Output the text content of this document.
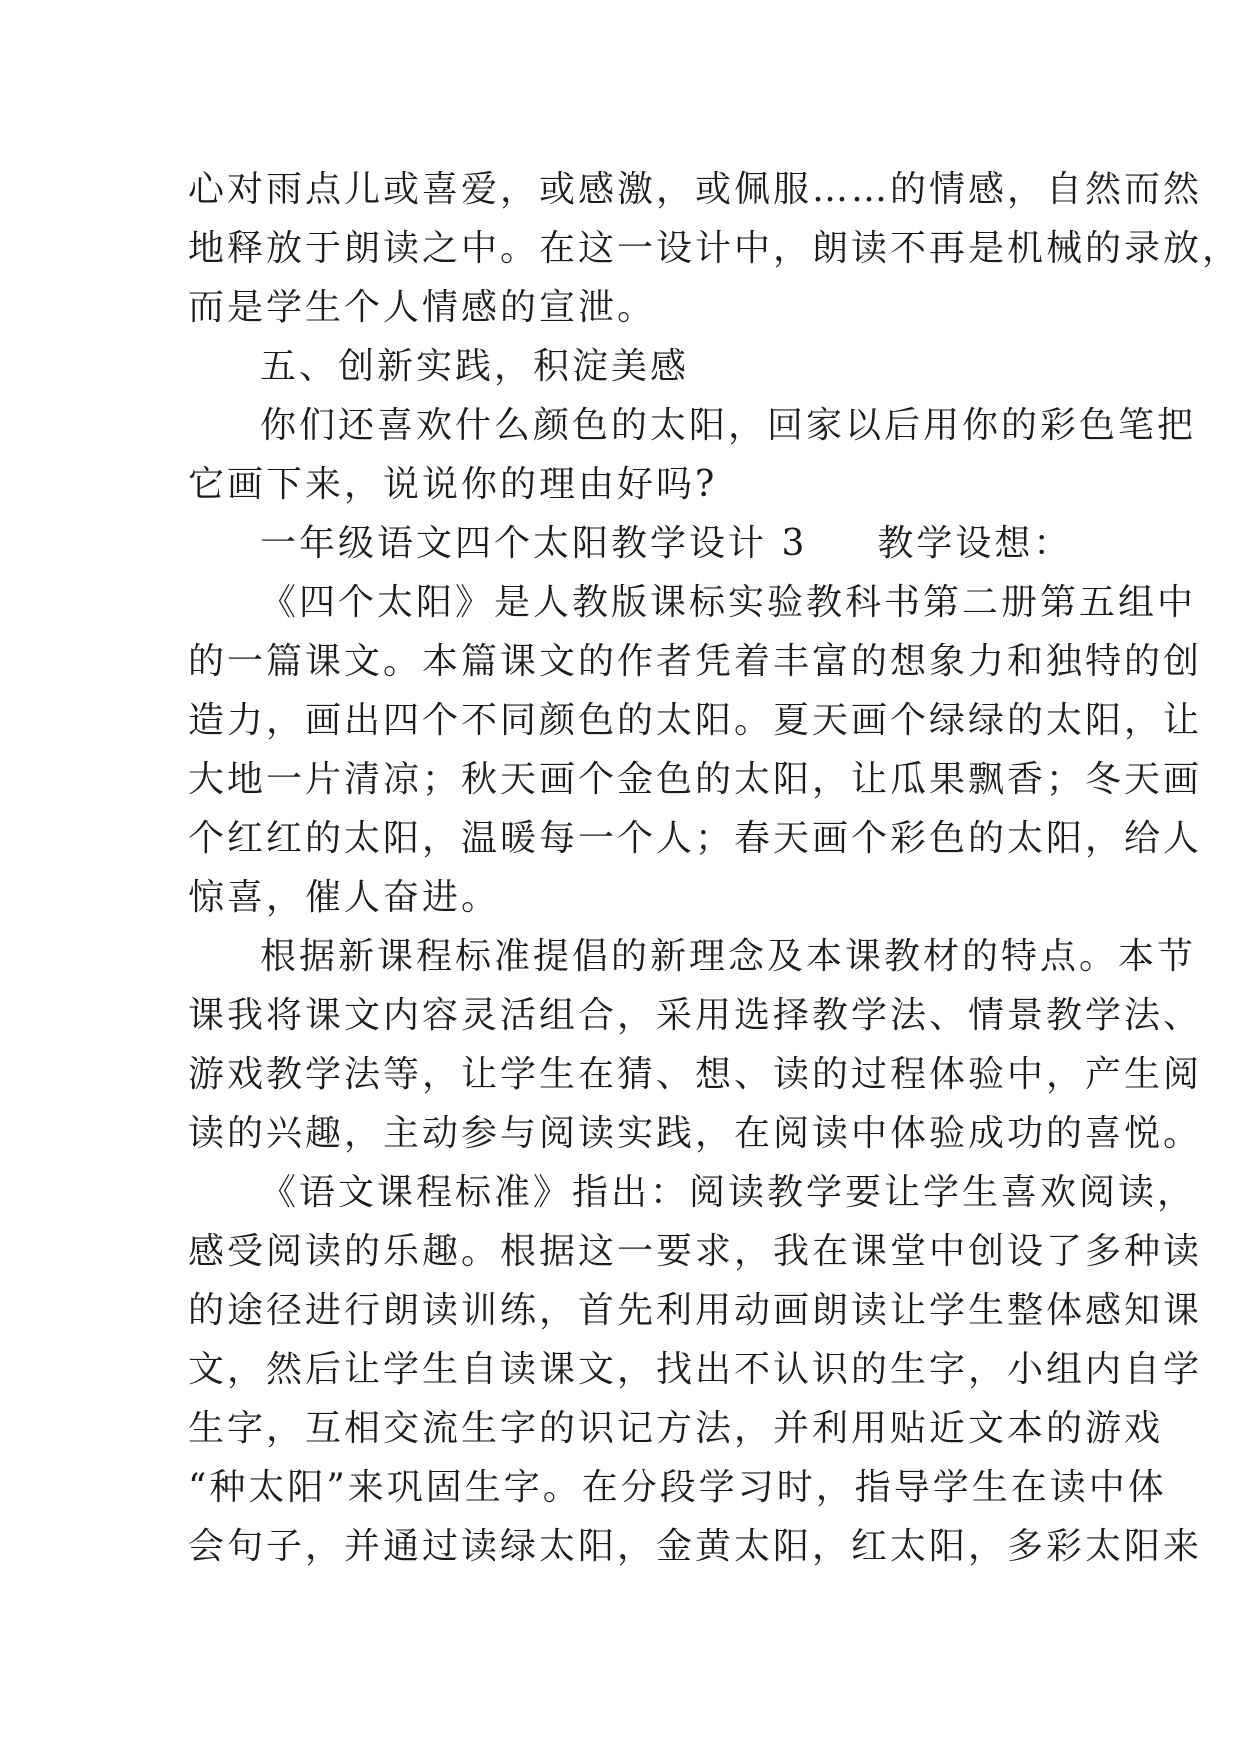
心对雨点儿或喜爱，或感激，或佩服……的情感，自然而然
地释放于朗读之中。在这一设计中，朗读不再是机械的录放，
而是学生个人情感的宣泄。
五、创新实践，积淀美感
你们还喜欢什么颜色的太阳，回家以后用你的彩色笔把
它画下来，说说你的理由好吗?
一年级语文四个太阳教学设计 3 教学设想：
《四个太阳》是人教版课标实验教科书第二册第五组中
的一篇课文。本篇课文的作者凭着丰富的想象力和独特的创
造力，画出四个不同颜色的太阳。夏天画个绿绿的太阳，让
大地一片清凉；秋天画个金色的太阳，让瓜果飘香；冬天画
个红红的太阳，温暖每一个人；春天画个彩色的太阳，给人
惊喜，催人奋进。
根据新课程标准提倡的新理念及本课教材的特点。本节
课我将课文内容灵活组合，采用选择教学法、情景教学法、
游戏教学法等，让学生在猜、想、读的过程体验中，产生阅
读的兴趣，主动参与阅读实践，在阅读中体验成功的喜悦。
《语文课程标准》指出：阅读教学要让学生喜欢阅读，
感受阅读的乐趣。根据这一要求，我在课堂中创设了多种读
的途径进行朗读训练，首先利用动画朗读让学生整体感知课
文，然后让学生自读课文，找出不认识的生字，小组内自学
生字，互相交流生字的识记方法，并利用贴近文本的游戏
“种太阳”来巩固生字。在分段学习时，指导学生在读中体
会句子，并通过读绿太阳，金黄太阳，红太阳，多彩太阳来
